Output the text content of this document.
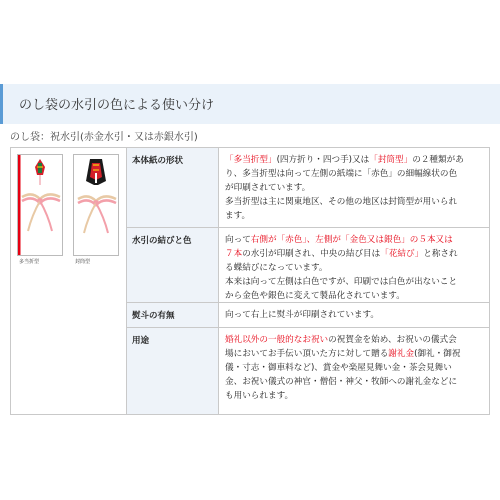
のし袋の水引の色による使い分け
のし袋：祝水引(赤金水引・又は赤銀水引)
多当折型	封筒型
本体紙の形状	「多当折型」(四方折り・四つ手)又は「封筒型」の２種類があ
り、多当折型は向って左側の紙端に「赤色」の細幅線状の色
が印刷されています。
多当折型は主に関東地区、その他の地区は封筒型が用いられ
ます。
水引の結びと色	向って右側が「赤色」、左側が「金色又は銀色」の５本又は
７本の水引が印刷され、中央の結び目は「花結び」と称され
る蝶結びになっています。
本来は向って左側は白色ですが、印刷では白色が出ないこと
から金色や銀色に変えて製品化されています。
熨斗の有無	向って右上に熨斗が印刷されています。
用途	婚礼以外の一般的なお祝いの祝賀金を始め、お祝いの儀式会
場においてお手伝い頂いた方に対して贈る謝礼金(御礼・御祝
儀・寸志・御車料など)、賞金や楽屋見舞い金・茶会見舞い
金、お祝い儀式の神官・僧侶・神父・牧師への謝礼金などに
も用いられます。
